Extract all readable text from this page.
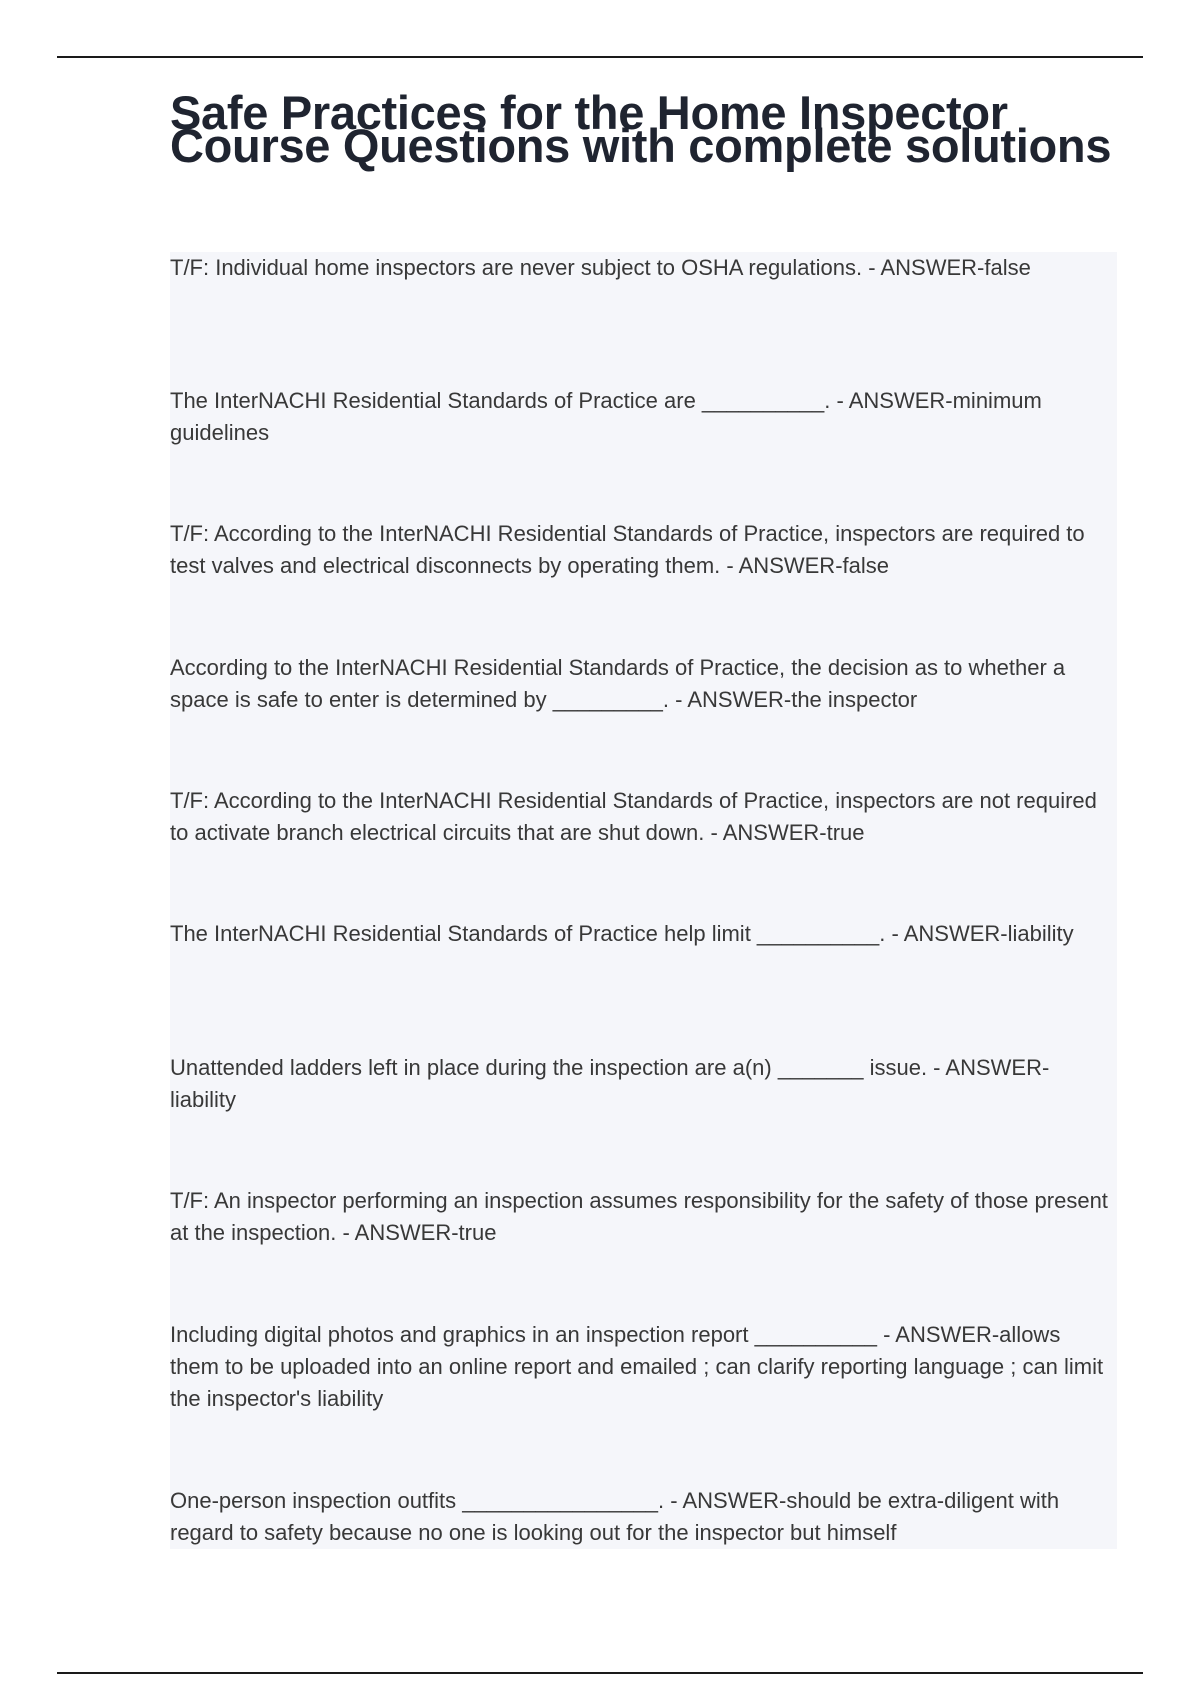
Safe Practices for the Home Inspector Course Questions with complete solutions

T/F: Individual home inspectors are never subject to OSHA regulations. - ANSWER-false

The InterNACHI Residential Standards of Practice are __________. - ANSWER-minimum guidelines

T/F: According to the InterNACHI Residential Standards of Practice, inspectors are required to test valves and electrical disconnects by operating them. - ANSWER-false

According to the InterNACHI Residential Standards of Practice, the decision as to whether a space is safe to enter is determined by _________. - ANSWER-the inspector

T/F: According to the InterNACHI Residential Standards of Practice, inspectors are not required to activate branch electrical circuits that are shut down. - ANSWER-true

The InterNACHI Residential Standards of Practice help limit __________. - ANSWER-liability

Unattended ladders left in place during the inspection are a(n) _______ issue. - ANSWER-liability

T/F: An inspector performing an inspection assumes responsibility for the safety of those present at the inspection. - ANSWER-true

Including digital photos and graphics in an inspection report __________ - ANSWER-allows them to be uploaded into an online report and emailed ; can clarify reporting language ; can limit the inspector's liability

One-person inspection outfits ________________. - ANSWER-should be extra-diligent with regard to safety because no one is looking out for the inspector but himself
